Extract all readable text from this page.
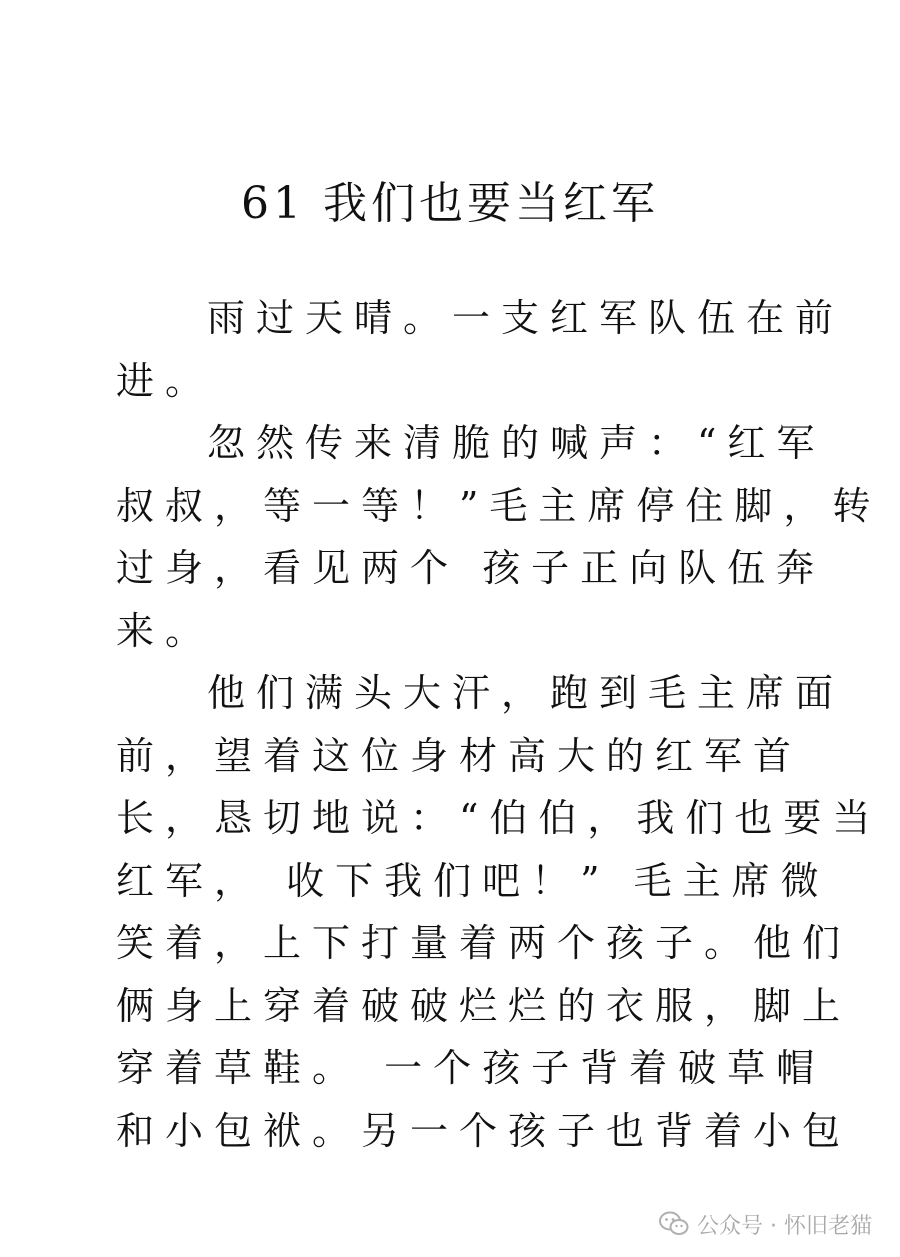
61 我们也要当红军
雨过天晴。一支红军队伍在前
进。
忽然传来清脆的喊声：“红军
叔叔，等一等！”毛主席停住脚，转
过身，看见两个 孩子正向队伍奔
来。
他们满头大汗，跑到毛主席面
前，望着这位身材高大的红军首
长，恳切地说：“伯伯，我们也要当
红军， 收下我们吧！” 毛主席微
笑着，上下打量着两个孩子。他们
俩身上穿着破破烂烂的衣服，脚上
穿着草鞋。 一个孩子背着破草帽
和小包袱。另一个孩子也背着小包
公众号 · 怀旧老猫
